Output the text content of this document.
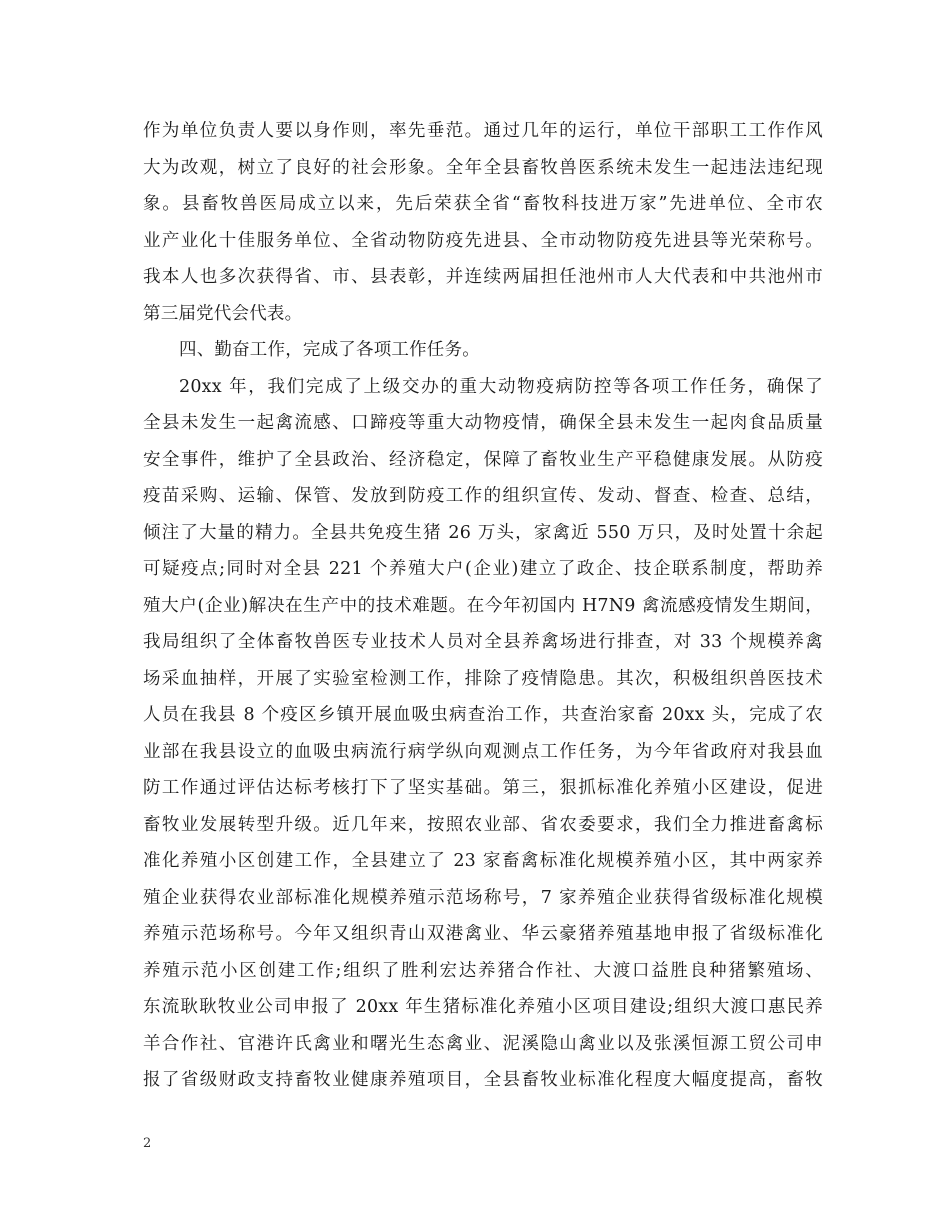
作为单位负责人要以身作则，率先垂范。通过几年的运行，单位干部职工工作作风
大为改观，树立了良好的社会形象。全年全县畜牧兽医系统未发生一起违法违纪现
象。县畜牧兽医局成立以来，先后荣获全省“畜牧科技进万家”先进单位、全市农
业产业化十佳服务单位、全省动物防疫先进县、全市动物防疫先进县等光荣称号。
我本人也多次获得省、市、县表彰，并连续两届担任池州市人大代表和中共池州市
第三届党代会代表。
四、勤奋工作，完成了各项工作任务。
20xx 年，我们完成了上级交办的重大动物疫病防控等各项工作任务，确保了
全县未发生一起禽流感、口蹄疫等重大动物疫情，确保全县未发生一起肉食品质量
安全事件，维护了全县政治、经济稳定，保障了畜牧业生产平稳健康发展。从防疫
疫苗采购、运输、保管、发放到防疫工作的组织宣传、发动、督查、检查、总结，
倾注了大量的精力。全县共免疫生猪 26 万头，家禽近 550 万只，及时处置十余起
可疑疫点;同时对全县 221 个养殖大户(企业)建立了政企、技企联系制度，帮助养
殖大户(企业)解决在生产中的技术难题。在今年初国内 H7N9 禽流感疫情发生期间，
我局组织了全体畜牧兽医专业技术人员对全县养禽场进行排查，对 33 个规模养禽
场采血抽样，开展了实验室检测工作，排除了疫情隐患。其次，积极组织兽医技术
人员在我县 8 个疫区乡镇开展血吸虫病查治工作，共查治家畜 20xx 头，完成了农
业部在我县设立的血吸虫病流行病学纵向观测点工作任务，为今年省政府对我县血
防工作通过评估达标考核打下了坚实基础。第三，狠抓标准化养殖小区建设，促进
畜牧业发展转型升级。近几年来，按照农业部、省农委要求，我们全力推进畜禽标
准化养殖小区创建工作，全县建立了 23 家畜禽标准化规模养殖小区，其中两家养
殖企业获得农业部标准化规模养殖示范场称号，7 家养殖企业获得省级标准化规模
养殖示范场称号。今年又组织青山双港禽业、华云豪猪养殖基地申报了省级标准化
养殖示范小区创建工作;组织了胜利宏达养猪合作社、大渡口益胜良种猪繁殖场、
东流耿耿牧业公司申报了 20xx 年生猪标准化养殖小区项目建设;组织大渡口惠民养
羊合作社、官港许氏禽业和曙光生态禽业、泥溪隐山禽业以及张溪恒源工贸公司申
报了省级财政支持畜牧业健康养殖项目，全县畜牧业标准化程度大幅度提高，畜牧
2
